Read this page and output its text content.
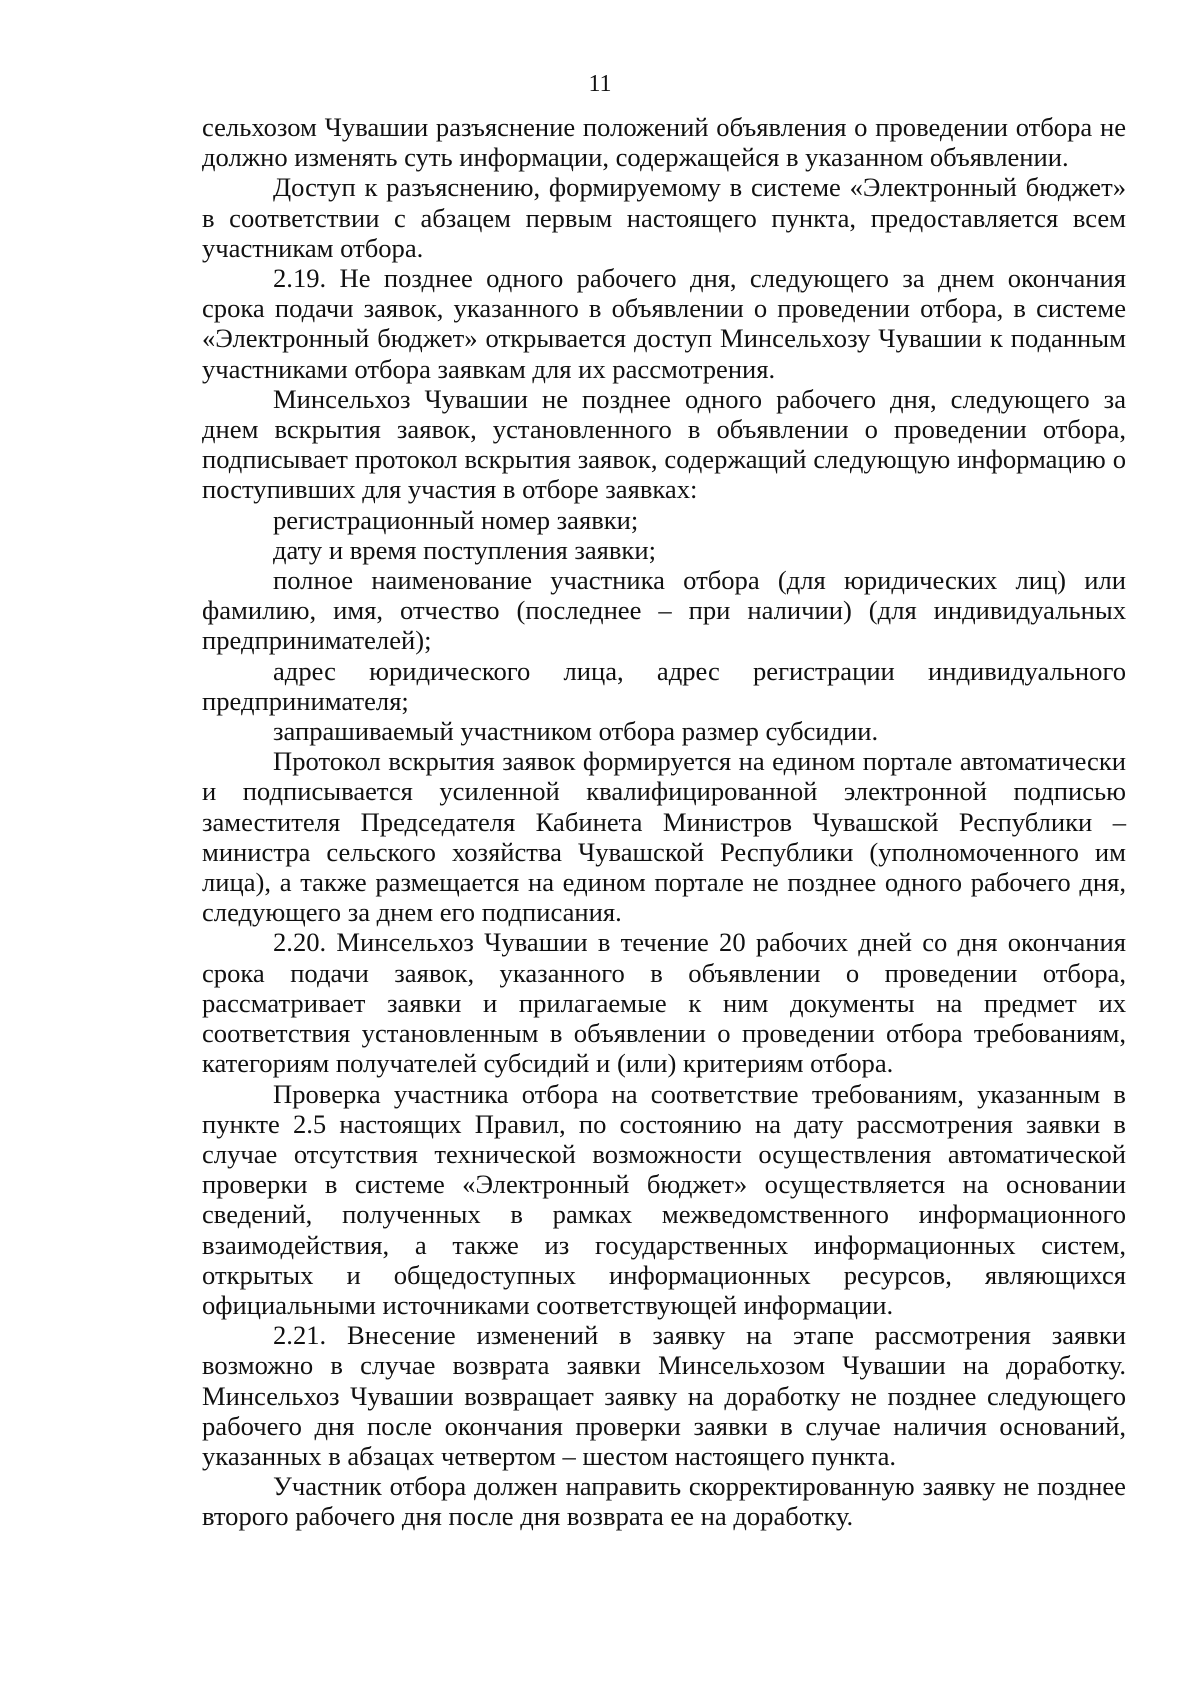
11

сельхозом Чувашии разъяснение положений объявления о проведении отбора не должно изменять суть информации, содержащейся в указанном объявлении.

Доступ к разъяснению, формируемому в системе «Электронный бюджет» в соответствии с абзацем первым настоящего пункта, предоставляется всем участникам отбора.

2.19. Не позднее одного рабочего дня, следующего за днем окончания срока подачи заявок, указанного в объявлении о проведении отбора, в системе «Электронный бюджет» открывается доступ Минсельхозу Чувашии к поданным участниками отбора заявкам для их рассмотрения.

Минсельхоз Чувашии не позднее одного рабочего дня, следующего за днем вскрытия заявок, установленного в объявлении о проведении отбора, подписывает протокол вскрытия заявок, содержащий следующую информацию о поступивших для участия в отборе заявках:

регистрационный номер заявки;

дату и время поступления заявки;

полное наименование участника отбора (для юридических лиц) или фамилию, имя, отчество (последнее – при наличии) (для индивидуальных предпринимателей);

адрес юридического лица, адрес регистрации индивидуального предпринимателя;

запрашиваемый участником отбора размер субсидии.

Протокол вскрытия заявок формируется на едином портале автоматически и подписывается усиленной квалифицированной электронной подписью заместителя Председателя Кабинета Министров Чувашской Республики – министра сельского хозяйства Чувашской Республики (уполномоченного им лица), а также размещается на едином портале не позднее одного рабочего дня, следующего за днем его подписания.

2.20. Минсельхоз Чувашии в течение 20 рабочих дней со дня окончания срока подачи заявок, указанного в объявлении о проведении отбора, рассматривает заявки и прилагаемые к ним документы на предмет их соответствия установленным в объявлении о проведении отбора требованиям, категориям получателей субсидий и (или) критериям отбора.

Проверка участника отбора на соответствие требованиям, указанным в пункте 2.5 настоящих Правил, по состоянию на дату рассмотрения заявки в случае отсутствия технической возможности осуществления автоматической проверки в системе «Электронный бюджет» осуществляется на основании сведений, полученных в рамках межведомственного информационного взаимодействия, а также из государственных информационных систем, открытых и общедоступных информационных ресурсов, являющихся официальными источниками соответствующей информации.

2.21. Внесение изменений в заявку на этапе рассмотрения заявки возможно в случае возврата заявки Минсельхозом Чувашии на доработку. Минсельхоз Чувашии возвращает заявку на доработку не позднее следующего рабочего дня после окончания проверки заявки в случае наличия оснований, указанных в абзацах четвертом – шестом настоящего пункта.

Участник отбора должен направить скорректированную заявку не позднее второго рабочего дня после дня возврата ее на доработку.
